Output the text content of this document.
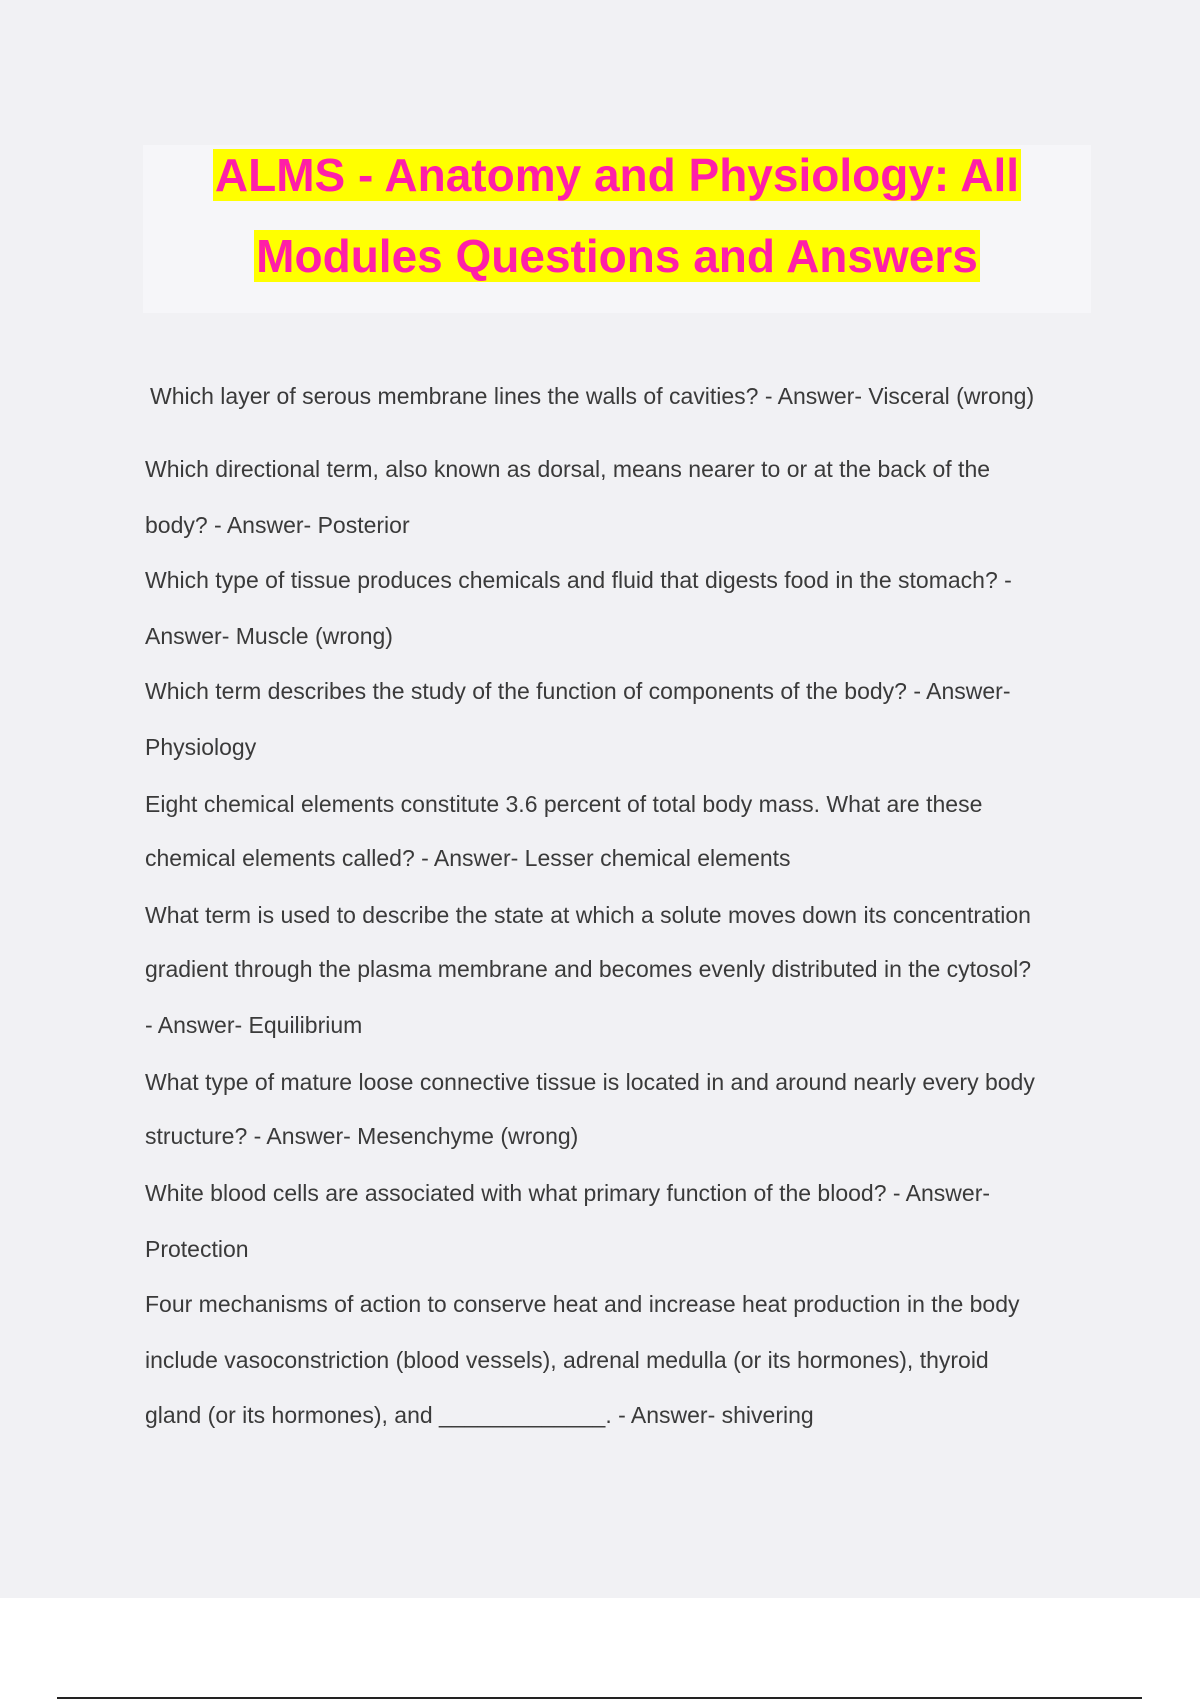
ALMS - Anatomy and Physiology: All
Modules Questions and Answers

Which layer of serous membrane lines the walls of cavities? - Answer- Visceral (wrong)

Which directional term, also known as dorsal, means nearer to or at the back of the

body? - Answer- Posterior

Which type of tissue produces chemicals and fluid that digests food in the stomach? -

Answer- Muscle (wrong)

Which term describes the study of the function of components of the body? - Answer-

Physiology

Eight chemical elements constitute 3.6 percent of total body mass. What are these

chemical elements called? - Answer- Lesser chemical elements

What term is used to describe the state at which a solute moves down its concentration

gradient through the plasma membrane and becomes evenly distributed in the cytosol?

- Answer- Equilibrium

What type of mature loose connective tissue is located in and around nearly every body

structure? - Answer- Mesenchyme (wrong)

White blood cells are associated with what primary function of the blood? - Answer-

Protection

Four mechanisms of action to conserve heat and increase heat production in the body

include vasoconstriction (blood vessels), adrenal medulla (or its hormones), thyroid

gland (or its hormones), and _____________. - Answer- shivering
